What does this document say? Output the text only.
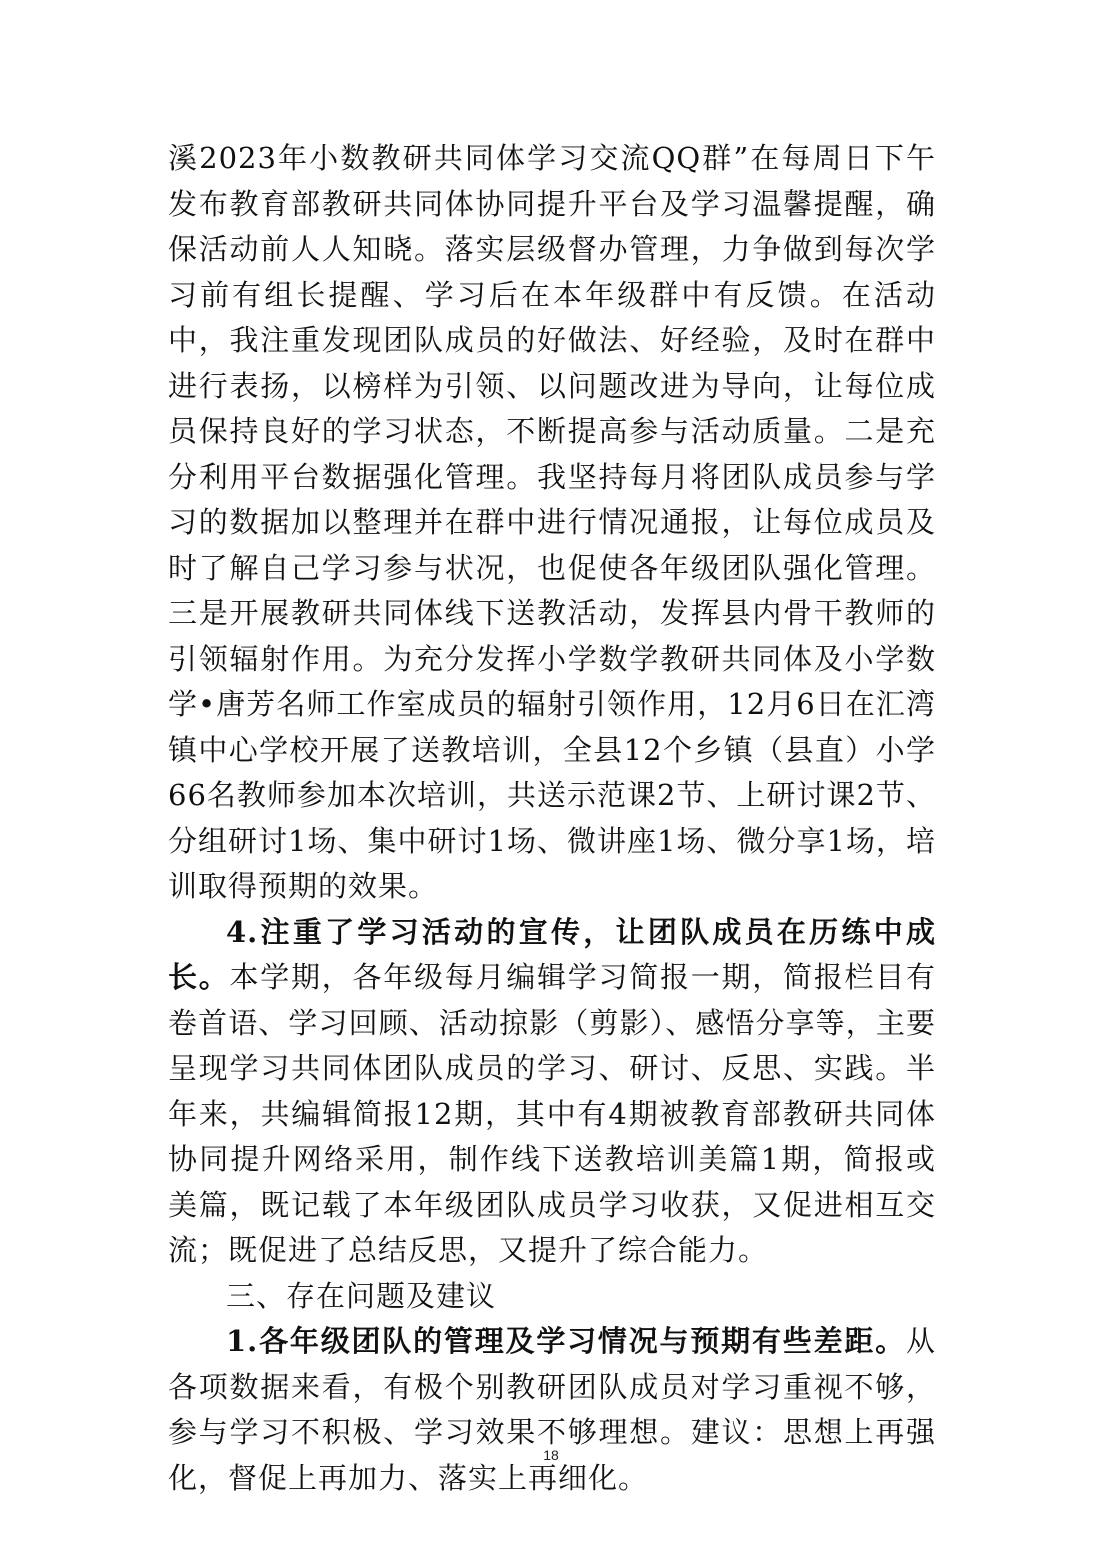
溪2023年小数教研共同体学习交流QQ群”在每周日下午发布教育部教研共同体协同提升平台及学习温馨提醒，确保活动前人人知晓。落实层级督办管理，力争做到每次学习前有组长提醒、学习后在本年级群中有反馈。在活动中，我注重发现团队成员的好做法、好经验，及时在群中进行表扬，以榜样为引领、以问题改进为导向，让每位成员保持良好的学习状态，不断提高参与活动质量。二是充分利用平台数据强化管理。我坚持每月将团队成员参与学习的数据加以整理并在群中进行情况通报，让每位成员及时了解自己学习参与状况，也促使各年级团队强化管理。三是开展教研共同体线下送教活动，发挥县内骨干教师的引领辐射作用。为充分发挥小学数学教研共同体及小学数学•唐芳名师工作室成员的辐射引领作用，12月6日在汇湾镇中心学校开展了送教培训，全县12个乡镇（县直）小学66名教师参加本次培训，共送示范课2节、上研讨课2节、分组研讨1场、集中研讨1场、微讲座1场、微分享1场，培训取得预期的效果。

4.注重了学习活动的宣传，让团队成员在历练中成长。本学期，各年级每月编辑学习简报一期，简报栏目有卷首语、学习回顾、活动掠影（剪影）、感悟分享等，主要呈现学习共同体团队成员的学习、研讨、反思、实践。半年来，共编辑简报12期，其中有4期被教育部教研共同体协同提升网络采用，制作线下送教培训美篇1期，简报或美篇，既记载了本年级团队成员学习收获，又促进相互交流；既促进了总结反思，又提升了综合能力。

三、存在问题及建议

1.各年级团队的管理及学习情况与预期有些差距。从各项数据来看，有极个别教研团队成员对学习重视不够，参与学习不积极、学习效果不够理想。建议：思想上再强化，督促上再加力、落实上再细化。

18
